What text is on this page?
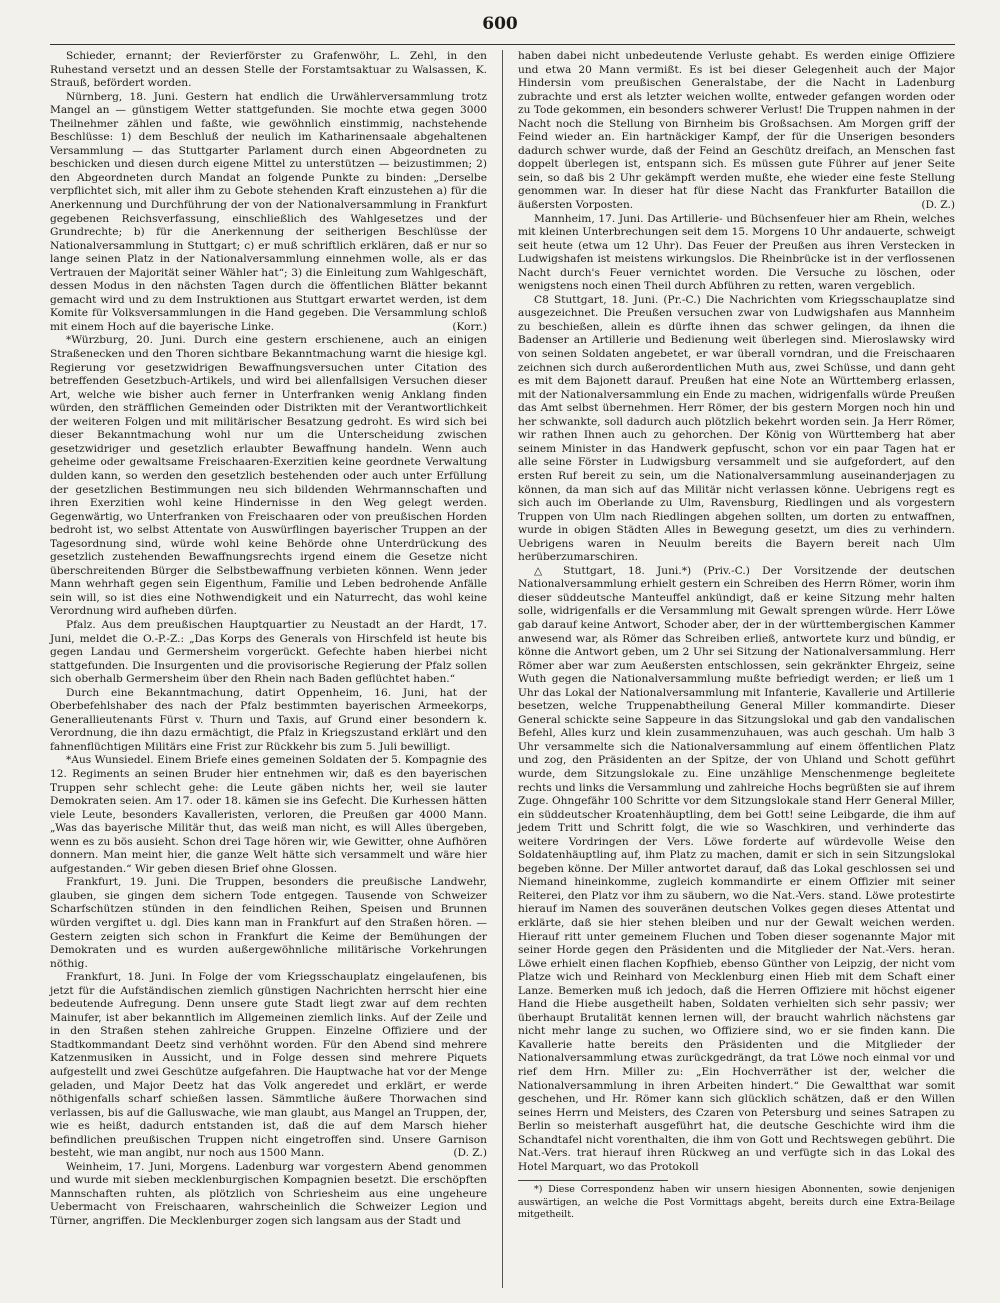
600

Schieder, ernannt; der Revierförster zu Grafenwöhr, L. Zehl, in den Ruhestand versetzt und an dessen Stelle der Forstamtsaktuar zu Walsassen, K. Strauß, befördert worden.

Nürnberg, 18. Juni. Gestern hat endlich die Urwählerversammlung trotz Mangel an — günstigem Wetter stattgefunden. Sie mochte etwa gegen 3000 Theilnehmer zählen und faßte, wie gewöhnlich einstimmig, nachstehende Beschlüsse: 1) dem Beschluß der neulich im Katharinensaale abgehaltenen Versammlung — das Stuttgarter Parlament durch einen Abgeordneten zu beschicken und diesen durch eigene Mittel zu unterstützen — beizustimmen; 2) den Abgeordneten durch Mandat an folgende Punkte zu binden: „Derselbe verpflichtet sich, mit aller ihm zu Gebote stehenden Kraft einzustehen a) für die Anerkennung und Durchführung der von der Nationalversammlung in Frankfurt gegebenen Reichsverfassung, einschließlich des Wahlgesetzes und der Grundrechte; b) für die Anerkennung der seitherigen Beschlüsse der Nationalversammlung in Stuttgart; c) er muß schriftlich erklären, daß er nur so lange seinen Platz in der Nationalversammlung einnehmen wolle, als er das Vertrauen der Majorität seiner Wähler hat“; 3) die Einleitung zum Wahlgeschäft, dessen Modus in den nächsten Tagen durch die öffentlichen Blätter bekannt gemacht wird und zu dem Instruktionen aus Stuttgart erwartet werden, ist dem Komite für Volksversammlungen in die Hand gegeben. Die Versammlung schloß mit einem Hoch auf die bayerische Linke.	(Korr.)

*Würzburg, 20. Juni. Durch eine gestern erschienene, auch an einigen Straßenecken und den Thoren sichtbare Bekanntmachung warnt die hiesige kgl. Regierung vor gesetzwidrigen Bewaffnungsversuchen unter Citation des betreffenden Gesetzbuch-Artikels, und wird bei allenfallsigen Versuchen dieser Art, welche wie bisher auch ferner in Unterfranken wenig Anklang finden würden, den sträfflichen Gemeinden oder Distrikten mit der Verantwortlichkeit der weiteren Folgen und mit militärischer Besatzung gedroht. Es wird sich bei dieser Bekanntmachung wohl nur um die Unterscheidung zwischen gesetzwidriger und gesetzlich erlaubter Bewaffnung handeln. Wenn auch geheime oder gewaltsame Freischaaren-Exerzitien keine geordnete Verwaltung dulden kann, so werden den gesetzlich bestehenden oder auch unter Erfüllung der gesetzlichen Bestimmungen neu sich bildenden Wehrmannschaften und ihren Exerzitien wohl keine Hindernisse in den Weg gelegt werden. Gegenwärtig, wo Unterfranken von Freischaaren oder von preußischen Horden bedroht ist, wo selbst Attentate von Auswürflingen bayerischer Truppen an der Tagesordnung sind, würde wohl keine Behörde ohne Unterdrückung des gesetzlich zustehenden Bewaffnungsrechts irgend einem die Gesetze nicht überschreitenden Bürger die Selbstbewaffnung verbieten können. Wenn jeder Mann wehrhaft gegen sein Eigenthum, Familie und Leben bedrohende Anfälle sein will, so ist dies eine Nothwendigkeit und ein Naturrecht, das wohl keine Verordnung wird aufheben dürfen.

Pfalz. Aus dem preußischen Hauptquartier zu Neustadt an der Hardt, 17. Juni, meldet die O.-P.-Z.: „Das Korps des Generals von Hirschfeld ist heute bis gegen Landau und Germersheim vorgerückt. Gefechte haben hierbei nicht stattgefunden. Die Insurgenten und die provisorische Regierung der Pfalz sollen sich oberhalb Germersheim über den Rhein nach Baden geflüchtet haben.“

Durch eine Bekanntmachung, datirt Oppenheim, 16. Juni, hat der Oberbefehlshaber des nach der Pfalz bestimmten bayerischen Armeekorps, Generallieutenants Fürst v. Thurn und Taxis, auf Grund einer besondern k. Verordnung, die ihn dazu ermächtigt, die Pfalz in Kriegszustand erklärt und den fahnenflüchtigen Militärs eine Frist zur Rückkehr bis zum 5. Juli bewilligt.

*Aus Wunsiedel. Einem Briefe eines gemeinen Soldaten der 5. Kompagnie des 12. Regiments an seinen Bruder hier entnehmen wir, daß es den bayerischen Truppen sehr schlecht gehe: die Leute gäben nichts her, weil sie lauter Demokraten seien. Am 17. oder 18. kämen sie ins Gefecht. Die Kurhessen hätten viele Leute, besonders Kavalleristen, verloren, die Preußen gar 4000 Mann. „Was das bayerische Militär thut, das weiß man nicht, es will Alles übergeben, wenn es zu bös ausieht. Schon drei Tage hören wir, wie Gewitter, ohne Aufhören donnern. Man meint hier, die ganze Welt hätte sich versammelt und wäre hier aufgestanden.“ Wir geben diesen Brief ohne Glossen.

Frankfurt, 19. Juni. Die Truppen, besonders die preußische Landwehr, glauben, sie gingen dem sichern Tode entgegen. Tausende von Schweizer Scharfschützen stünden in den feindlichen Reihen, Speisen und Brunnen würden vergiftet u. dgl. Dies kann man in Frankfurt auf den Straßen hören. — Gestern zeigten sich schon in Frankfurt die Keime der Bemühungen der Demokraten und es wurden außergewöhnliche militärische Vorkehrungen nöthig.

Frankfurt, 18. Juni. In Folge der vom Kriegsschauplatz eingelaufenen, bis jetzt für die Aufständischen ziemlich günstigen Nachrichten herrscht hier eine bedeutende Aufregung. Denn unsere gute Stadt liegt zwar auf dem rechten Mainufer, ist aber bekanntlich im Allgemeinen ziemlich links. Auf der Zeile und in den Straßen stehen zahlreiche Gruppen. Einzelne Offiziere und der Stadtkommandant Deetz sind verhöhnt worden. Für den Abend sind mehrere Katzenmusiken in Aussicht, und in Folge dessen sind mehrere Piquets aufgestellt und zwei Geschütze aufgefahren. Die Hauptwache hat vor der Menge geladen, und Major Deetz hat das Volk angeredet und erklärt, er werde nöthigenfalls scharf schießen lassen. Sämmtliche äußere Thorwachen sind verlassen, bis auf die Galluswache, wie man glaubt, aus Mangel an Truppen, der, wie es heißt, dadurch entstanden ist, daß die auf dem Marsch hieher befindlichen preußischen Truppen nicht eingetroffen sind. Unsere Garnison besteht, wie man angibt, nur noch aus 1500 Mann.	(D. Z.)

Weinheim, 17. Juni, Morgens. Ladenburg war vorgestern Abend genommen und wurde mit sieben mecklenburgischen Kompagnien besetzt. Die erschöpften Mannschaften ruhten, als plötzlich von Schriesheim aus eine ungeheure Uebermacht von Freischaaren, wahrscheinlich die Schweizer Legion und Türner, angriffen. Die Mecklenburger zogen sich langsam aus der Stadt und

haben dabei nicht unbedeutende Verluste gehabt. Es werden einige Offiziere und etwa 20 Mann vermißt. Es ist bei dieser Gelegenheit auch der Major Hindersin vom preußischen Generalstabe, der die Nacht in Ladenburg zubrachte und erst als letzter weichen wollte, entweder gefangen worden oder zu Tode gekommen, ein besonders schwerer Verlust! Die Truppen nahmen in der Nacht noch die Stellung von Birnheim bis Großsachsen. Am Morgen griff der Feind wieder an. Ein hartnäckiger Kampf, der für die Unserigen besonders dadurch schwer wurde, daß der Feind an Geschütz dreifach, an Menschen fast doppelt überlegen ist, entspann sich. Es müssen gute Führer auf jener Seite sein, so daß bis 2 Uhr gekämpft werden mußte, ehe wieder eine feste Stellung genommen war. In dieser hat für diese Nacht das Frankfurter Bataillon die äußersten Vorposten.	(D. Z.)

Mannheim, 17. Juni. Das Artillerie- und Büchsenfeuer hier am Rhein, welches mit kleinen Unterbrechungen seit dem 15. Morgens 10 Uhr andauerte, schweigt seit heute (etwa um 12 Uhr). Das Feuer der Preußen aus ihren Verstecken in Ludwigshafen ist meistens wirkungslos. Die Rheinbrücke ist in der verflossenen Nacht durch's Feuer vernichtet worden. Die Versuche zu löschen, oder wenigstens noch einen Theil durch Abführen zu retten, waren vergeblich.

C8 Stuttgart, 18. Juni. (Pr.-C.) Die Nachrichten vom Kriegsschauplatze sind ausgezeichnet. Die Preußen versuchen zwar von Ludwigshafen aus Mannheim zu beschießen, allein es dürfte ihnen das schwer gelingen, da ihnen die Badenser an Artillerie und Bedienung weit überlegen sind. Mieroslawsky wird von seinen Soldaten angebetet, er war überall vorndran, und die Freischaaren zeichnen sich durch außerordentlichen Muth aus, zwei Schüsse, und dann geht es mit dem Bajonett darauf. Preußen hat eine Note an Württemberg erlassen, mit der Nationalversammlung ein Ende zu machen, widrigenfalls würde Preußen das Amt selbst übernehmen. Herr Römer, der bis gestern Morgen noch hin und her schwankte, soll dadurch auch plötzlich bekehrt worden sein. Ja Herr Römer, wir rathen Ihnen auch zu gehorchen. Der König von Württemberg hat aber seinem Minister in das Handwerk gepfuscht, schon vor ein paar Tagen hat er alle seine Förster in Ludwigsburg versammelt und sie aufgefordert, auf den ersten Ruf bereit zu sein, um die Nationalversammlung auseinanderjagen zu können, da man sich auf das Militär nicht verlassen könne. Uebrigens regt es sich auch im Oberlande zu Ulm, Ravensburg, Riedlingen und als vorgestern Truppen von Ulm nach Riedlingen abgehen sollten, um dorten zu entwaffnen, wurde in obigen Städten Alles in Bewegung gesetzt, um dies zu verhindern. Uebrigens waren in Neuulm bereits die Bayern bereit nach Ulm herüberzumarschiren.

△ Stuttgart, 18. Juni.*) (Priv.-C.) Der Vorsitzende der deutschen Nationalversammlung erhielt gestern ein Schreiben des Herrn Römer, worin ihm dieser süddeutsche Manteuffel ankündigt, daß er keine Sitzung mehr halten solle, widrigenfalls er die Versammlung mit Gewalt sprengen würde. Herr Löwe gab darauf keine Antwort, Schoder aber, der in der württembergischen Kammer anwesend war, als Römer das Schreiben erließ, antwortete kurz und bündig, er könne die Antwort geben, um 2 Uhr sei Sitzung der Nationalversammlung. Herr Römer aber war zum Aeußersten entschlossen, sein gekränkter Ehrgeiz, seine Wuth gegen die Nationalversammlung mußte befriedigt werden; er ließ um 1 Uhr das Lokal der Nationalversammlung mit Infanterie, Kavallerie und Artillerie besetzen, welche Truppenabtheilung General Miller kommandirte. Dieser General schickte seine Sappeure in das Sitzungslokal und gab den vandalischen Befehl, Alles kurz und klein zusammenzuhauen, was auch geschah. Um halb 3 Uhr versammelte sich die Nationalversammlung auf einem öffentlichen Platz und zog, den Präsidenten an der Spitze, der von Uhland und Schott geführt wurde, dem Sitzungslokale zu. Eine unzählige Menschenmenge begleitete rechts und links die Versammlung und zahlreiche Hochs begrüßten sie auf ihrem Zuge. Ohngefähr 100 Schritte vor dem Sitzungslokale stand Herr General Miller, ein süddeutscher Kroatenhäuptling, dem bei Gott! seine Leibgarde, die ihm auf jedem Tritt und Schritt folgt, die wie so Waschkiren, und verhinderte das weitere Vordringen der Vers. Löwe forderte auf würdevolle Weise den Soldatenhäuptling auf, ihm Platz zu machen, damit er sich in sein Sitzungslokal begeben könne. Der Miller antwortet darauf, daß das Lokal geschlossen sei und Niemand hineinkomme, zugleich kommandirte er einem Offizier mit seiner Reiterei, den Platz vor ihm zu säubern, wo die Nat.-Vers. stand. Löwe protestirte hierauf im Namen des souveränen deutschen Volkes gegen dieses Attentat und erklärte, daß sie hier stehen bleiben und nur der Gewalt weichen werden. Hierauf ritt unter gemeinem Fluchen und Toben dieser sogenannte Major mit seiner Horde gegen den Präsidenten und die Mitglieder der Nat.-Vers. heran. Löwe erhielt einen flachen Kopfhieb, ebenso Günther von Leipzig, der nicht vom Platze wich und Reinhard von Mecklenburg einen Hieb mit dem Schaft einer Lanze. Bemerken muß ich jedoch, daß die Herren Offiziere mit höchst eigener Hand die Hiebe ausgetheilt haben, Soldaten verhielten sich sehr passiv; wer überhaupt Brutalität kennen lernen will, der braucht wahrlich nächstens gar nicht mehr lange zu suchen, wo Offiziere sind, wo er sie finden kann. Die Kavallerie hatte bereits den Präsidenten und die Mitglieder der Nationalversammlung etwas zurückgedrängt, da trat Löwe noch einmal vor und rief dem Hrn. Miller zu: „Ein Hochverräther ist der, welcher die Nationalversammlung in ihren Arbeiten hindert.“ Die Gewaltthat war somit geschehen, und Hr. Römer kann sich glücklich schätzen, daß er den Willen seines Herrn und Meisters, des Czaren von Petersburg und seines Satrapen zu Berlin so meisterhaft ausgeführt hat, die deutsche Geschichte wird ihm die Schandtafel nicht vorenthalten, die ihm von Gott und Rechtswegen gebührt. Die Nat.-Vers. trat hierauf ihren Rückweg an und verfügte sich in das Lokal des Hotel Marquart, wo das Protokoll

*) Diese Correspondenz haben wir unsern hiesigen Abonnenten, sowie denjenigen auswärtigen, an welche die Post Vormittags abgeht, bereits durch eine Extra-Beilage mitgetheilt.
